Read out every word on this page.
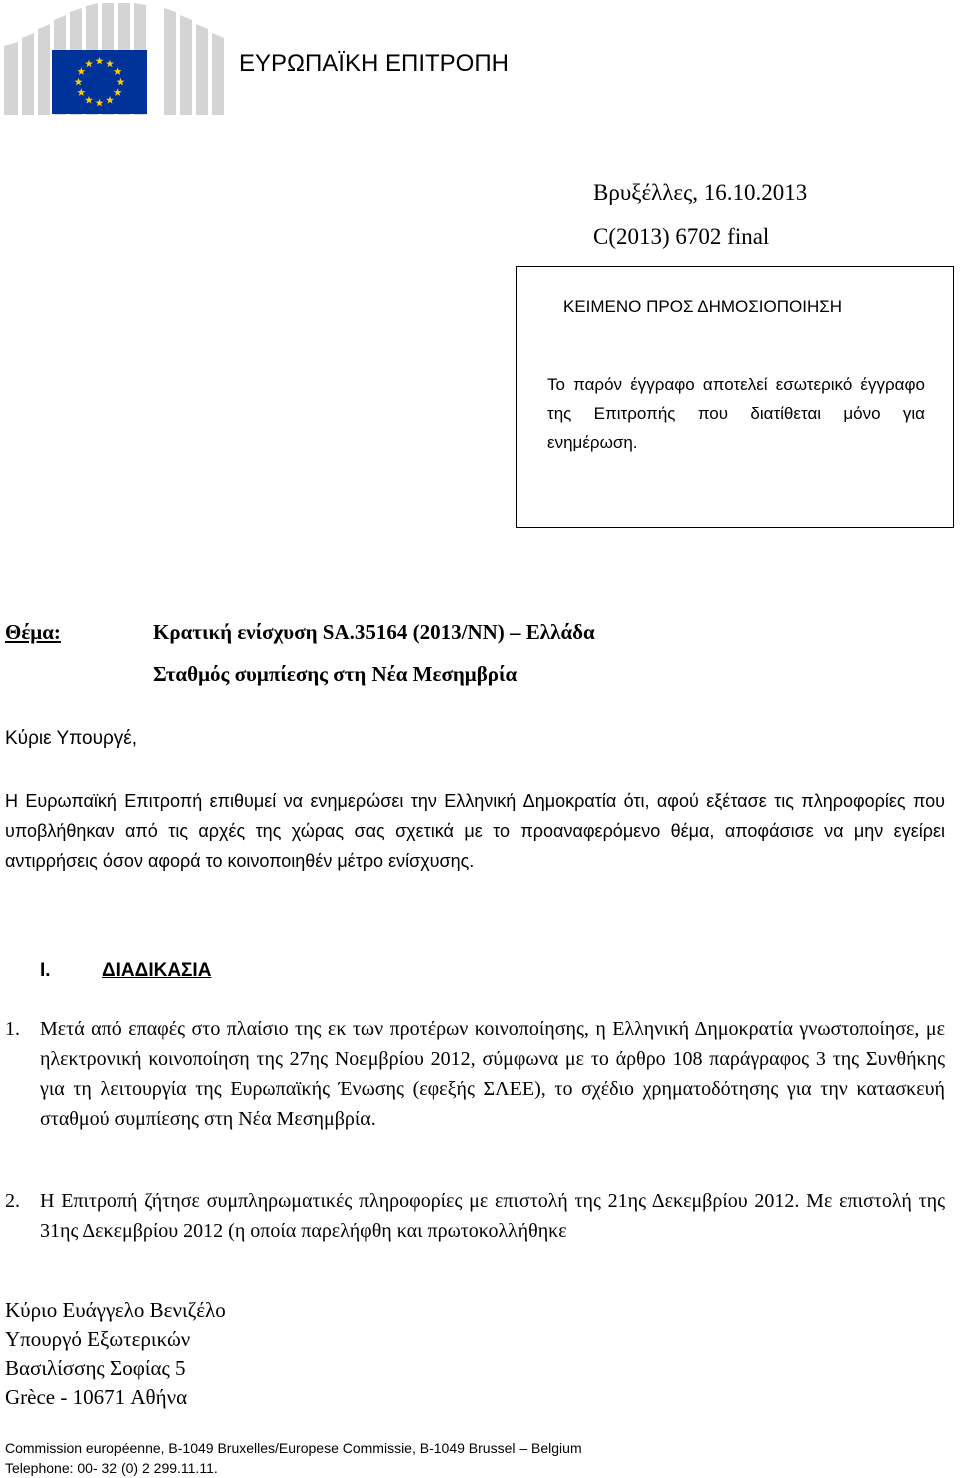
ΕΥΡΩΠΑΪΚΗ ΕΠΙΤΡΟΠΗ
Βρυξέλλες, 16.10.2013
C(2013) 6702 final
ΚΕΙΜΕΝΟ ΠΡΟΣ ΔΗΜΟΣΙΟΠΟΙΗΣΗ
Το παρόν έγγραφο αποτελεί εσωτερικό έγγραφο της Επιτροπής που διατίθεται μόνο για ενημέρωση.
Θέμα:	Κρατική ενίσχυση SA.35164 (2013/NN) – Ελλάδα
Σταθμός συμπίεσης στη Νέα Μεσημβρία
Κύριε Υπουργέ,
Η Ευρωπαϊκή Επιτροπή επιθυμεί να ενημερώσει την Ελληνική Δημοκρατία ότι, αφού εξέτασε τις πληροφορίες που υποβλήθηκαν από τις αρχές της χώρας σας σχετικά με το προαναφερόμενο θέμα, αποφάσισε να μην εγείρει αντιρρήσεις όσον αφορά το κοινοποιηθέν μέτρο ενίσχυσης.
I.	ΔΙΑΔΙΚΑΣΙΑ
1.	Μετά από επαφές στο πλαίσιο της εκ των προτέρων κοινοποίησης, η Ελληνική Δημοκρατία γνωστοποίησε, με ηλεκτρονική κοινοποίηση της 27ης Νοεμβρίου 2012, σύμφωνα με το άρθρο 108 παράγραφος 3 της Συνθήκης για τη λειτουργία της Ευρωπαϊκής Ένωσης (εφεξής ΣΛΕΕ), το σχέδιο χρηματοδότησης για την κατασκευή σταθμού συμπίεσης στη Νέα Μεσημβρία.
2.	Η Επιτροπή ζήτησε συμπληρωματικές πληροφορίες με επιστολή της 21ης Δεκεμβρίου 2012. Με επιστολή της 31ης Δεκεμβρίου 2012 (η οποία παρελήφθη και πρωτοκολλήθηκε
Κύριο Ευάγγελο Βενιζέλο
Υπουργό Εξωτερικών
Βασιλίσσης Σοφίας 5
Grèce - 10671 Αθήνα
Commission européenne, B-1049 Bruxelles/Europese Commissie, B-1049 Brussel – Belgium
Telephone: 00- 32 (0) 2 299.11.11.
